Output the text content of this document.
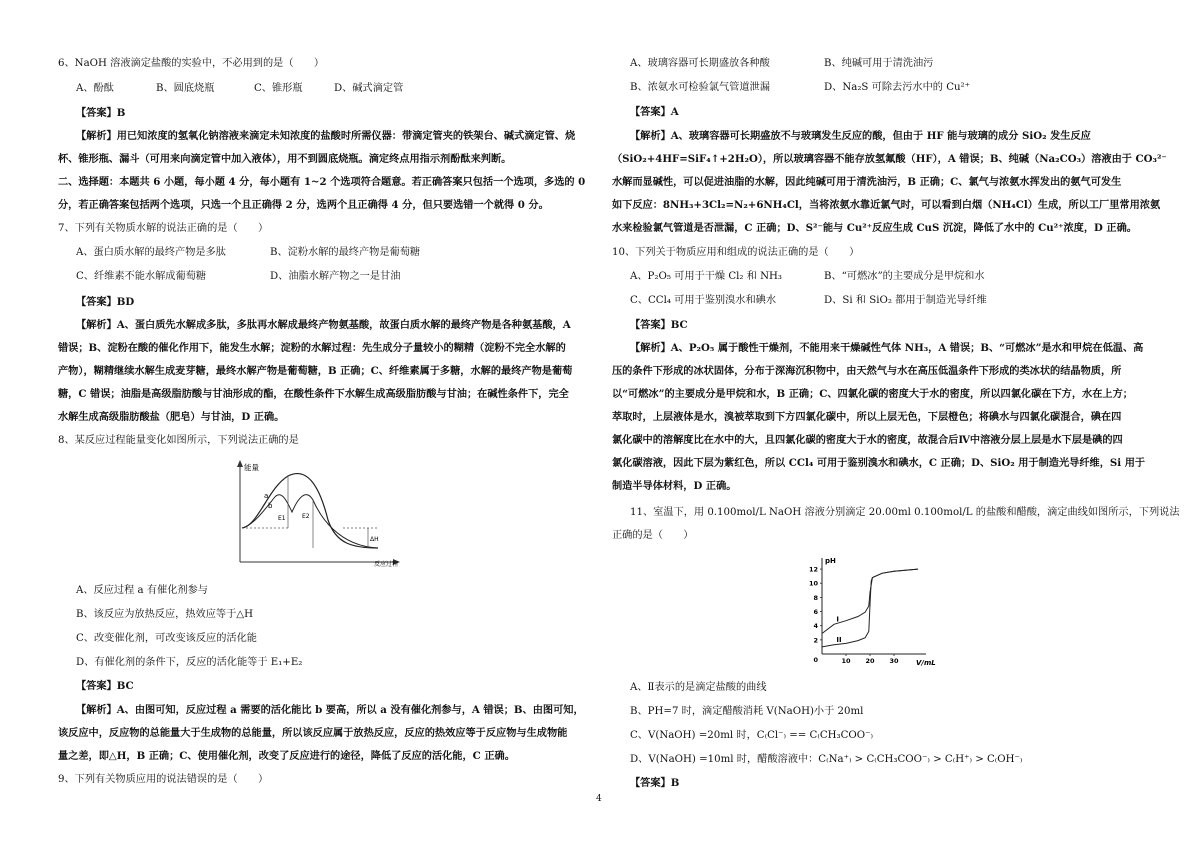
6、NaOH 溶液滴定盐酸的实验中，不必用到的是（　　）
A、酚酞	B、圆底烧瓶	C、锥形瓶	D、碱式滴定管
【答案】B
【解析】用已知浓度的氢氧化钠溶液来滴定未知浓度的盐酸时所需仪器：带滴定管夹的铁架台、碱式滴定管、烧
杯、锥形瓶、漏斗（可用来向滴定管中加入液体），用不到圆底烧瓶。滴定终点用指示剂酚酞来判断。
二、选择题：本题共 6 小题，每小题 4 分，每小题有 1~2 个选项符合题意。若正确答案只包括一个选项，多选的 0
分，若正确答案包括两个选项，只选一个且正确得 2 分，选两个且正确得 4 分，但只要选错一个就得 0 分。
7、下列有关物质水解的说法正确的是（　　）
A、蛋白质水解的最终产物是多肽	B、淀粉水解的最终产物是葡萄糖
C、纤维素不能水解成葡萄糖	D、油脂水解产物之一是甘油
【答案】BD
【解析】A、蛋白质先水解成多肽，多肽再水解成最终产物氨基酸，故蛋白质水解的最终产物是各种氨基酸，A
错误；B、淀粉在酸的催化作用下，能发生水解；淀粉的水解过程：先生成分子量较小的糊精（淀粉不完全水解的
产物），糊精继续水解生成麦芽糖，最终水解产物是葡萄糖，B 正确；C、纤维素属于多糖，水解的最终产物是葡萄
糖，C 错误；油脂是高级脂肪酸与甘油形成的酯，在酸性条件下水解生成高级脂肪酸与甘油；在碱性条件下，完全
水解生成高级脂肪酸盐（肥皂）与甘油，D 正确。
8、某反应过程能量变化如图所示，下列说法正确的是
能量
反应过程
a
b
E1	E2
ΔH
A、反应过程 a 有催化剂参与
B、该反应为放热反应，热效应等于△H
C、改变催化剂，可改变该反应的活化能
D、有催化剂的条件下，反应的活化能等于 E₁+E₂
【答案】BC
【解析】A、由图可知，反应过程 a 需要的活化能比 b 要高，所以 a 没有催化剂参与，A 错误；B、由图可知，
该反应中，反应物的总能量大于生成物的总能量，所以该反应属于放热反应，反应的热效应等于反应物与生成物能
量之差，即△H，B 正确；C、使用催化剂，改变了反应进行的途径，降低了反应的活化能，C 正确。
9、下列有关物质应用的说法错误的是（　　）
A、玻璃容器可长期盛放各种酸	B、纯碱可用于清洗油污
B、浓氨水可检验氯气管道泄漏	D、Na₂S 可除去污水中的 Cu²⁺
【答案】A
【解析】A、玻璃容器可长期盛放不与玻璃发生反应的酸，但由于 HF 能与玻璃的成分 SiO₂ 发生反应
（SiO₂+4HF=SiF₄↑+2H₂O），所以玻璃容器不能存放氢氟酸（HF），A 错误；B、纯碱（Na₂CO₃）溶液由于 CO₃²⁻
水解而显碱性，可以促进油脂的水解，因此纯碱可用于清洗油污，B 正确；C、氯气与浓氨水挥发出的氨气可发生
如下反应：8NH₃+3Cl₂=N₂+6NH₄Cl，当将浓氨水靠近氯气时，可以看到白烟（NH₄Cl）生成，所以工厂里常用浓氨
水来检验氯气管道是否泄漏，C 正确；D、S²⁻能与 Cu²⁺反应生成 CuS 沉淀，降低了水中的 Cu²⁺浓度，D 正确。
10、下列关于物质应用和组成的说法正确的是（　　）
A、P₂O₅ 可用于干燥 Cl₂ 和 NH₃	B、“可燃冰”的主要成分是甲烷和水
C、CCl₄ 可用于鉴别溴水和碘水	D、Si 和 SiO₂ 都用于制造光导纤维
【答案】BC
【解析】A、P₂O₅ 属于酸性干燥剂，不能用来干燥碱性气体 NH₃，A 错误；B、“可燃冰”是水和甲烷在低温、高
压的条件下形成的冰状固体，分布于深海沉积物中，由天然气与水在高压低温条件下形成的类冰状的结晶物质，所
以“可燃冰”的主要成分是甲烷和水，B 正确；C、四氯化碳的密度大于水的密度，所以四氯化碳在下方，水在上方；
萃取时，上层液体是水，溴被萃取到下方四氯化碳中，所以上层无色，下层橙色；将碘水与四氯化碳混合，碘在四
氯化碳中的溶解度比在水中的大，且四氯化碳的密度大于水的密度，故混合后Ⅳ中溶液分层上层是水下层是碘的四
氯化碳溶液，因此下层为紫红色，所以 CCl₄ 可用于鉴别溴水和碘水，C 正确；D、SiO₂ 用于制造光导纤维，Si 用于
制造半导体材料，D 正确。
11、室温下，用 0.100mol/L NaOH 溶液分别滴定 20.00ml 0.100mol/L 的盐酸和醋酸，滴定曲线如图所示，下列说法
正确的是（　　）
pH
V/mL
2
4
6
8
10
12
0	10 20 30
I
II
A、Ⅱ表示的是滴定盐酸的曲线
B、PH=7 时，滴定醋酸消耗 V(NaOH)小于 20ml
C、V(NaOH) =20ml 时，C₍Cl⁻₎ == C₍CH₃COO⁻₎
D、V(NaOH) =10ml 时，醋酸溶液中：C₍Na⁺₎ > C₍CH₃COO⁻₎ > C₍H⁺₎ > C₍OH⁻₎
【答案】B
4
